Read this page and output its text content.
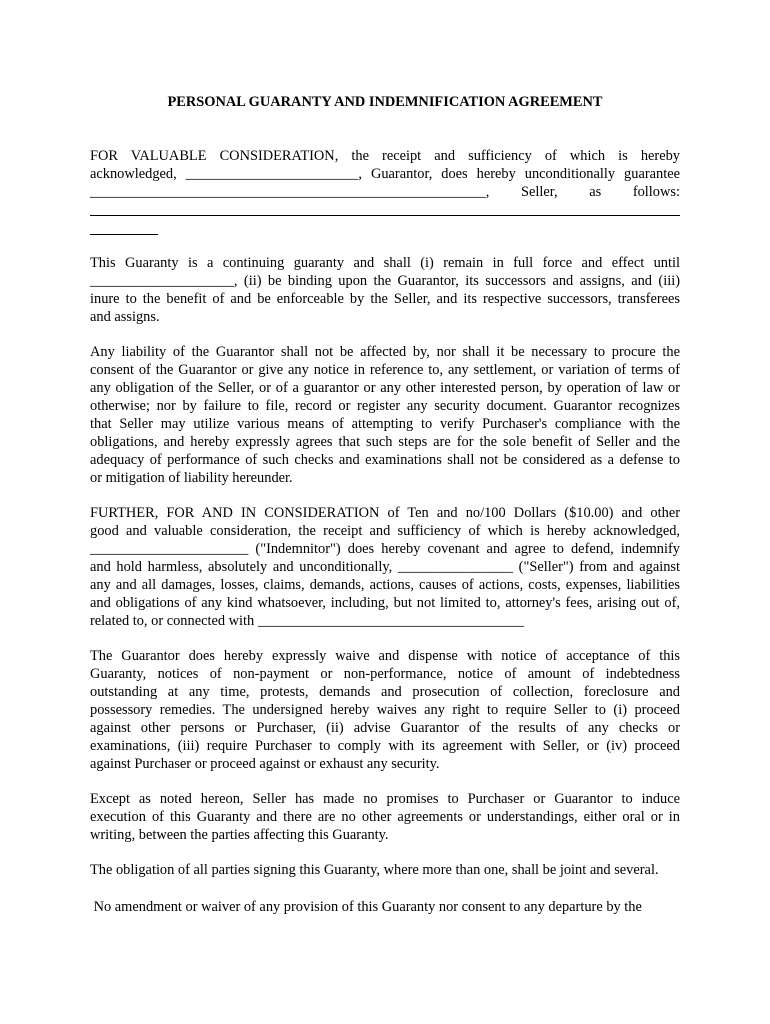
PERSONAL GUARANTY AND INDEMNIFICATION AGREEMENT
FOR VALUABLE CONSIDERATION, the receipt and sufficiency of which is hereby
acknowledged, ________________________, Guarantor, does hereby unconditionally guarantee
_______________________________________________________, Seller, as follows:
This Guaranty is a continuing guaranty and shall (i) remain in full force and effect until
____________________, (ii) be binding upon the Guarantor, its successors and assigns, and (iii)
inure to the benefit of and be enforceable by the Seller, and its respective successors, transferees
and assigns.
Any liability of the Guarantor shall not be affected by, nor shall it be necessary to procure the
consent of the Guarantor or give any notice in reference to, any settlement, or variation of terms of
any obligation of the Seller, or of a guarantor or any other interested person, by operation of law or
otherwise; nor by failure to file, record or register any security document. Guarantor recognizes
that Seller may utilize various means of attempting to verify Purchaser's compliance with the
obligations, and hereby expressly agrees that such steps are for the sole benefit of Seller and the
adequacy of performance of such checks and examinations shall not be considered as a defense to
or mitigation of liability hereunder.
FURTHER, FOR AND IN CONSIDERATION of Ten and no/100 Dollars ($10.00) and other
good and valuable consideration, the receipt and sufficiency of which is hereby acknowledged,
______________________ ("Indemnitor") does hereby covenant and agree to defend, indemnify
and hold harmless, absolutely and unconditionally, ________________ ("Seller") from and against
any and all damages, losses, claims, demands, actions, causes of actions, costs, expenses, liabilities
and obligations of any kind whatsoever, including, but not limited to, attorney's fees, arising out of,
related to, or connected with _____________________________________
The Guarantor does hereby expressly waive and dispense with notice of acceptance of this
Guaranty, notices of non-payment or non-performance, notice of amount of indebtedness
outstanding at any time, protests, demands and prosecution of collection, foreclosure and
possessory remedies. The undersigned hereby waives any right to require Seller to (i) proceed
against other persons or Purchaser, (ii) advise Guarantor of the results of any checks or
examinations, (iii) require Purchaser to comply with its agreement with Seller, or (iv) proceed
against Purchaser or proceed against or exhaust any security.
Except as noted hereon, Seller has made no promises to Purchaser or Guarantor to induce
execution of this Guaranty and there are no other agreements or understandings, either oral or in
writing, between the parties affecting this Guaranty.
The obligation of all parties signing this Guaranty, where more than one, shall be joint and several.
No amendment or waiver of any provision of this Guaranty nor consent to any departure by the
